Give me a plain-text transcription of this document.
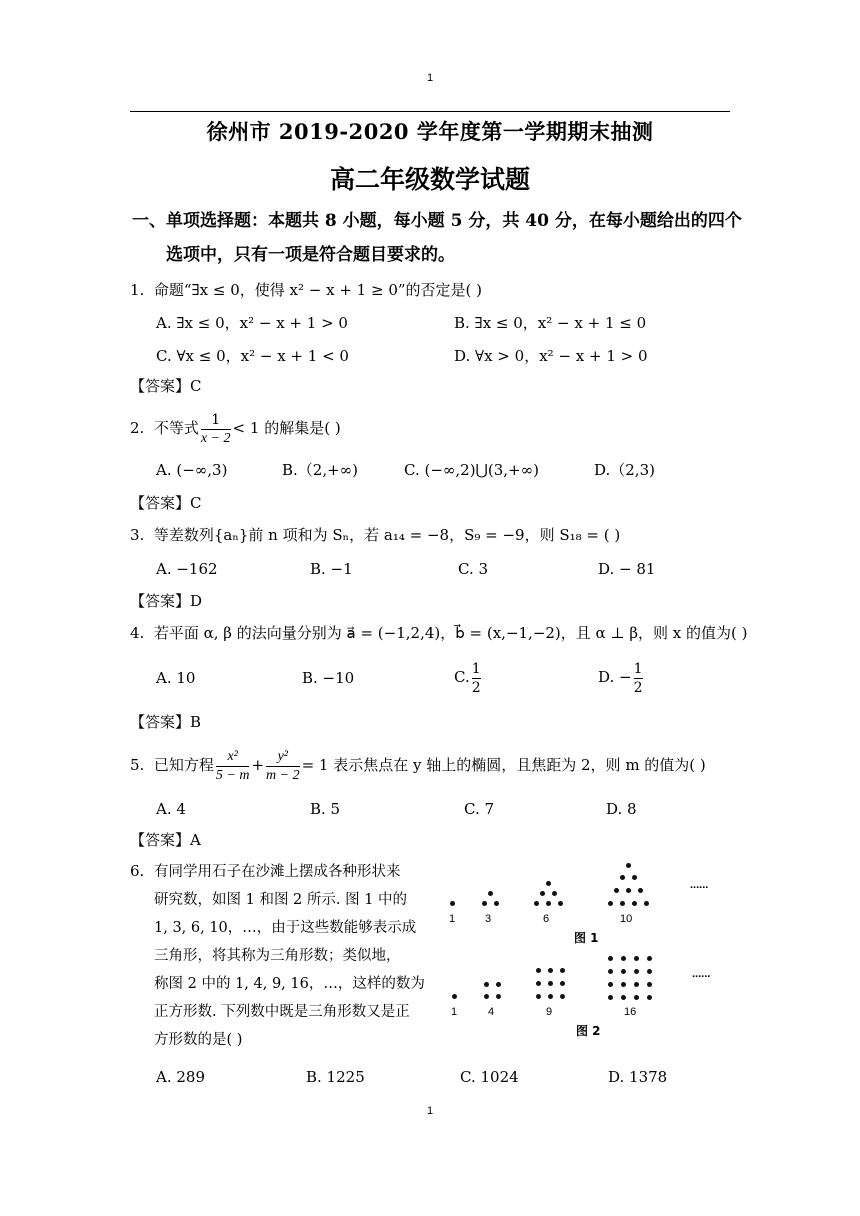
1
徐州市 2019-2020 学年度第一学期期末抽测
高二年级数学试题
一、单项选择题：本题共 8 小题，每小题 5 分，共 40 分，在每小题给出的四个
选项中，只有一项是符合题目要求的。
1. 命题“∃x ≤ 0，使得 x² − x + 1 ≥ 0”的否定是( )
A. ∃x ≤ 0，x² − x + 1 > 0	B. ∃x ≤ 0，x² − x + 1 ≤ 0
C. ∀x ≤ 0，x² − x + 1 < 0	D. ∀x > 0，x² − x + 1 > 0
【答案】C
2. 不等式 $\frac{1}{x - 2} < 1$ 的解集是( )
A. (−∞,3)	B.（2,+∞)	C. (−∞,2)⋃(3,+∞)	D.（2,3)
【答案】C
3. 等差数列{aₙ}前 n 项和为 Sₙ，若 a₁₄ = −8，S₉ = −9，则 S₁₈ = ( )
A. −162	B. −1	C. 3	D. − 81
【答案】D
4. 若平面 α, β 的法向量分别为 a⃗ = (−1,2,4)，b⃗ = (x,−1,−2)，且 α ⊥ β，则 x 的值为( )
A. 10	B. −10	C. $\frac{1}{2}$	D. − $\frac{1}{2}$
【答案】B
5. 已知方程 $\frac{\text{x²}}{5 - m} + \frac{\text{y²}}{m - 2} = 1$ 表示焦点在 y 轴上的椭圆，且焦距为 2，则 m 的值为( )
A. 4	B. 5	C. 7	D. 8
【答案】A
6. 有同学用石子在沙滩上摆成各种形状来
研究数，如图 1 和图 2 所示. 图 1 中的
1, 3, 6, 10，…，由于这些数能够表示成
三角形，将其称为三角形数；类似地，
称图 2 中的 1, 4, 9, 16，…，这样的数为
正方形数. 下列数中既是三角形数又是正
方形数的是( )
A. 289	B. 1225	C. 1024	D. 1378
1	3	6	10
......
图 1
1	4	9	16
......
图 2
1
